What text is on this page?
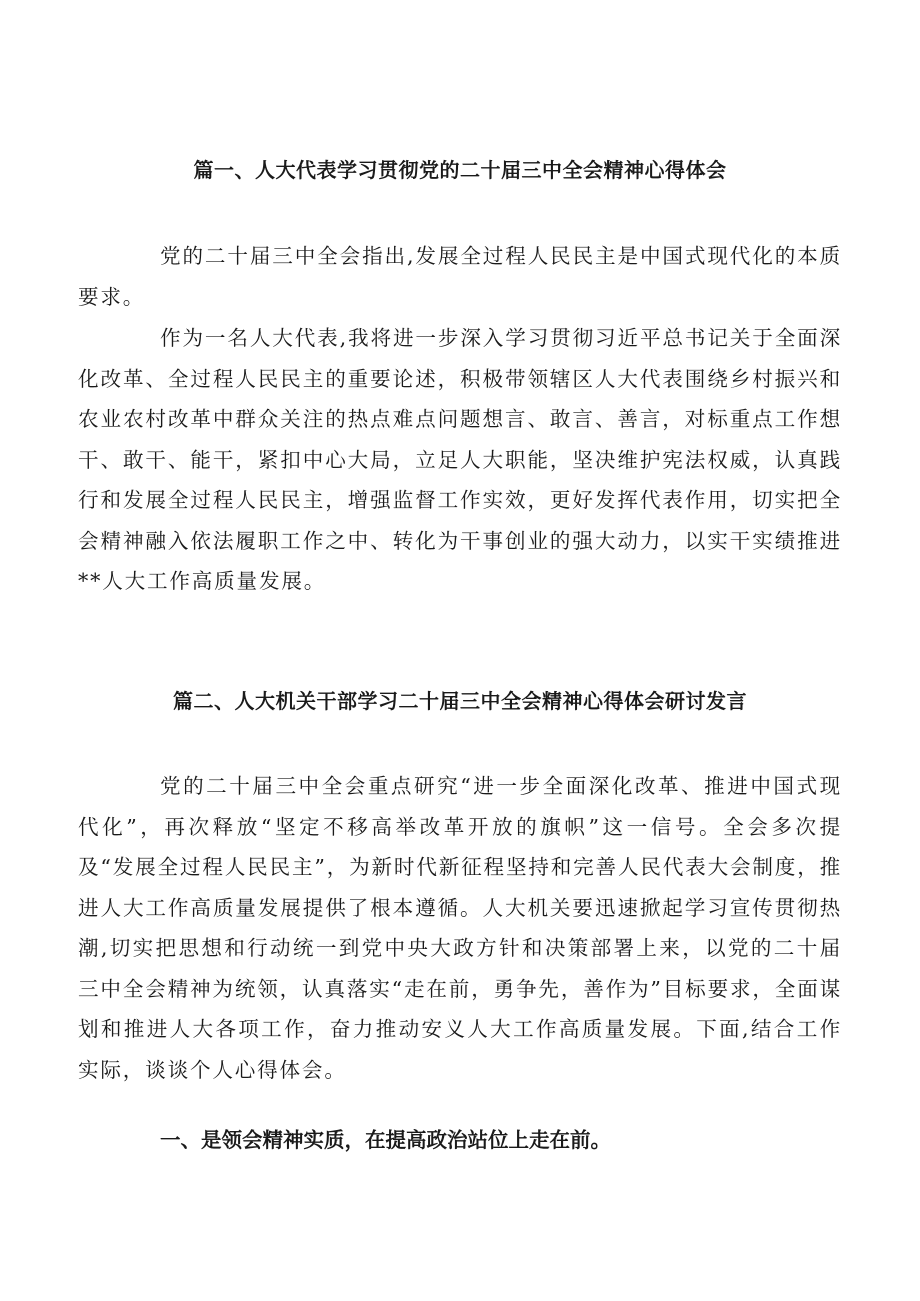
篇一、人大代表学习贯彻党的二十届三中全会精神心得体会

党的二十届三中全会指出,发展全过程人民民主是中国式现代化的本质要求。

作为一名人大代表,我将进一步深入学习贯彻习近平总书记关于全面深化改革、全过程人民民主的重要论述，积极带领辖区人大代表围绕乡村振兴和农业农村改革中群众关注的热点难点问题想言、敢言、善言，对标重点工作想干、敢干、能干，紧扣中心大局，立足人大职能，坚决维护宪法权威，认真践行和发展全过程人民民主，增强监督工作实效，更好发挥代表作用，切实把全会精神融入依法履职工作之中、转化为干事创业的强大动力，以实干实绩推进**人大工作高质量发展。

篇二、人大机关干部学习二十届三中全会精神心得体会研讨发言

党的二十届三中全会重点研究“进一步全面深化改革、推进中国式现代化”，再次释放“坚定不移高举改革开放的旗帜”这一信号。全会多次提及“发展全过程人民民主”，为新时代新征程坚持和完善人民代表大会制度，推进人大工作高质量发展提供了根本遵循。人大机关要迅速掀起学习宣传贯彻热潮,切实把思想和行动统一到党中央大政方针和决策部署上来，以党的二十届三中全会精神为统领，认真落实“走在前，勇争先，善作为”目标要求，全面谋划和推进人大各项工作，奋力推动安义人大工作高质量发展。下面,结合工作实际，谈谈个人心得体会。

一、是领会精神实质，在提高政治站位上走在前。
